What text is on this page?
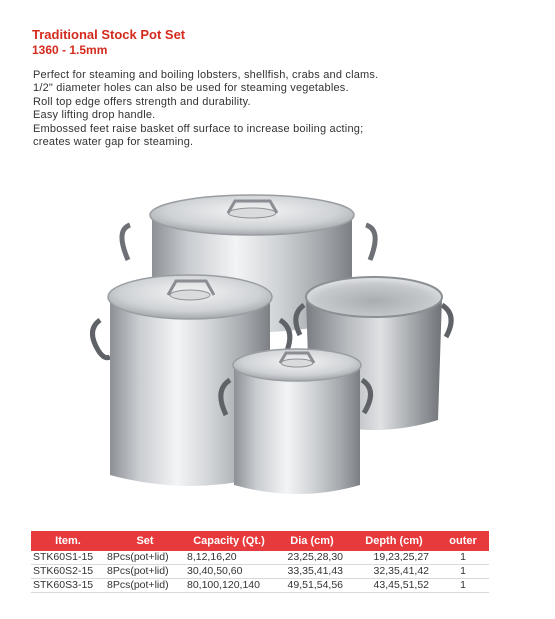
Traditional Stock Pot Set
1360 - 1.5mm
Perfect for steaming and boiling lobsters, shellfish, crabs and clams.
1/2" diameter holes can also be used for steaming vegetables.
Roll top edge offers strength and durability.
Easy lifting drop handle.
Embossed feet raise basket off surface to increase boiling acting;
creates water gap for steaming.
Item.	Set	Capacity (Qt.)	Dia (cm)	Depth (cm)	outer
STK60S1-15	8Pcs(pot+lid)	8,12,16,20	23,25,28,30	19,23,25,27	1
STK60S2-15	8Pcs(pot+lid)	30,40,50,60	33,35,41,43	32,35,41,42	1
STK60S3-15	8Pcs(pot+lid)	80,100,120,140	49,51,54,56	43,45,51,52	1
